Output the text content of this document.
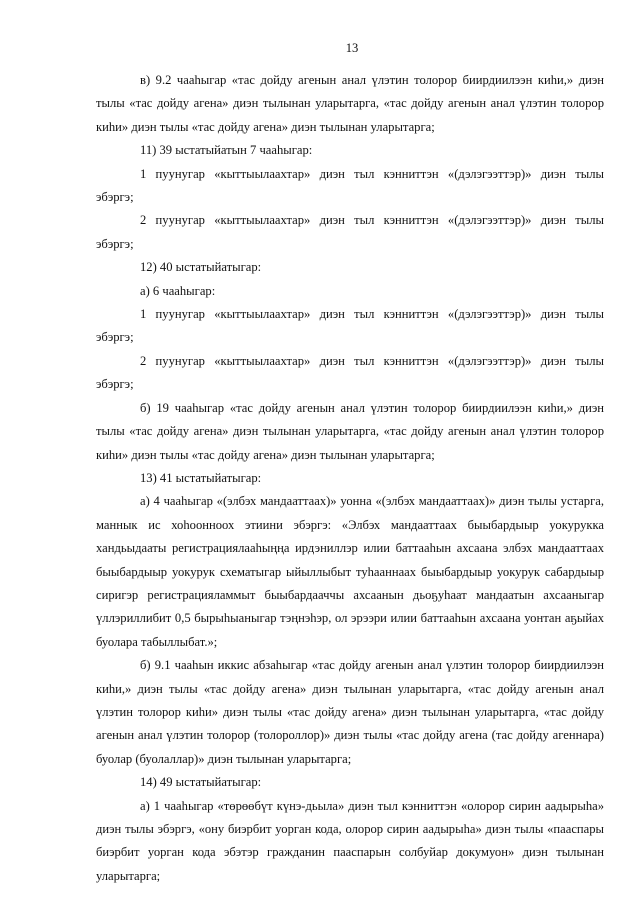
13

в) 9.2 чааһыгар «тас дойду агенын анал үлэтин толорор биирдиилээн киһи,» диэн тылы «тас дойду агена» диэн тылынан уларытарга, «тас дойду агенын анал үлэтин толорор киһи» диэн тылы «тас дойду агена» диэн тылынан уларытарга;

11) 39 ыстатыйатын 7 чааһыгар:

1 пуунугар «кыттыылаахтар» диэн тыл кэнниттэн «(дэлэгээттэр)» диэн тылы
эбэргэ;

2 пуунугар «кыттыылаахтар» диэн тыл кэнниттэн «(дэлэгээттэр)» диэн тылы
эбэргэ;

12) 40 ыстатыйатыгар:

а) 6 чааһыгар:

1 пуунугар «кыттыылаахтар» диэн тыл кэнниттэн «(дэлэгээттэр)» диэн тылы
эбэргэ;

2 пуунугар «кыттыылаахтар» диэн тыл кэнниттэн «(дэлэгээттэр)» диэн тылы
эбэргэ;

б) 19 чааһыгар «тас дойду агенын анал үлэтин толорор биирдиилээн киһи,» диэн тылы «тас дойду агена» диэн тылынан уларытарга, «тас дойду агенын анал үлэтин толорор киһи» диэн тылы «тас дойду агена» диэн тылынан уларытарга;

13) 41 ыстатыйатыгар:

а) 4 чааһыгар «(элбэх мандааттаах)» уонна «(элбэх мандааттаах)» диэн тылы устарга, маннык ис хоһоонноох этиини эбэргэ: «Элбэх мандааттаах быыбардыыр уокурукка хандьыдааты регистрациялааһыңңа ирдэниллэр илии баттааһын ахсаана элбэх мандааттаах быыбардыыр уокурук схематыгар ыйыллыбыт туһааннаах быыбардыыр уокурук сабардыыр сиригэр регистрацияламмыт быыбардааччы ахсаанын дьоҕуһаат мандаатын ахсааныгар үллэриллибит 0,5 бырыһыаныгар тэңнэһэр, ол эрээри илии баттааһын ахсаана уонтан аҕыйах буолара табыллыбат.»;

б) 9.1 чааһын иккис абзаһыгар «тас дойду агенын анал үлэтин толорор биирдиилээн киһи,» диэн тылы «тас дойду агена» диэн тылынан уларытарга, «тас дойду агенын анал үлэтин толорор киһи» диэн тылы «тас дойду агена» диэн тылынан уларытарга, «тас дойду агенын анал үлэтин толорор (толороллор)» диэн тылы «тас дойду агена (тас дойду агеннара) буолар (буолаллар)» диэн тылынан уларытарга;

14) 49 ыстатыйатыгар:

а) 1 чааһыгар «төрөөбүт күнэ-дьыла» диэн тыл кэнниттэн «олорор сирин аадырыһа» диэн тылы эбэргэ, «ону биэрбит уорган кода, олорор сирин аадырыһа» диэн тылы «пааспары биэрбит уорган кода эбэтэр гражданин пааспарын солбуйар докумуон» диэн тылынан уларытарга;
